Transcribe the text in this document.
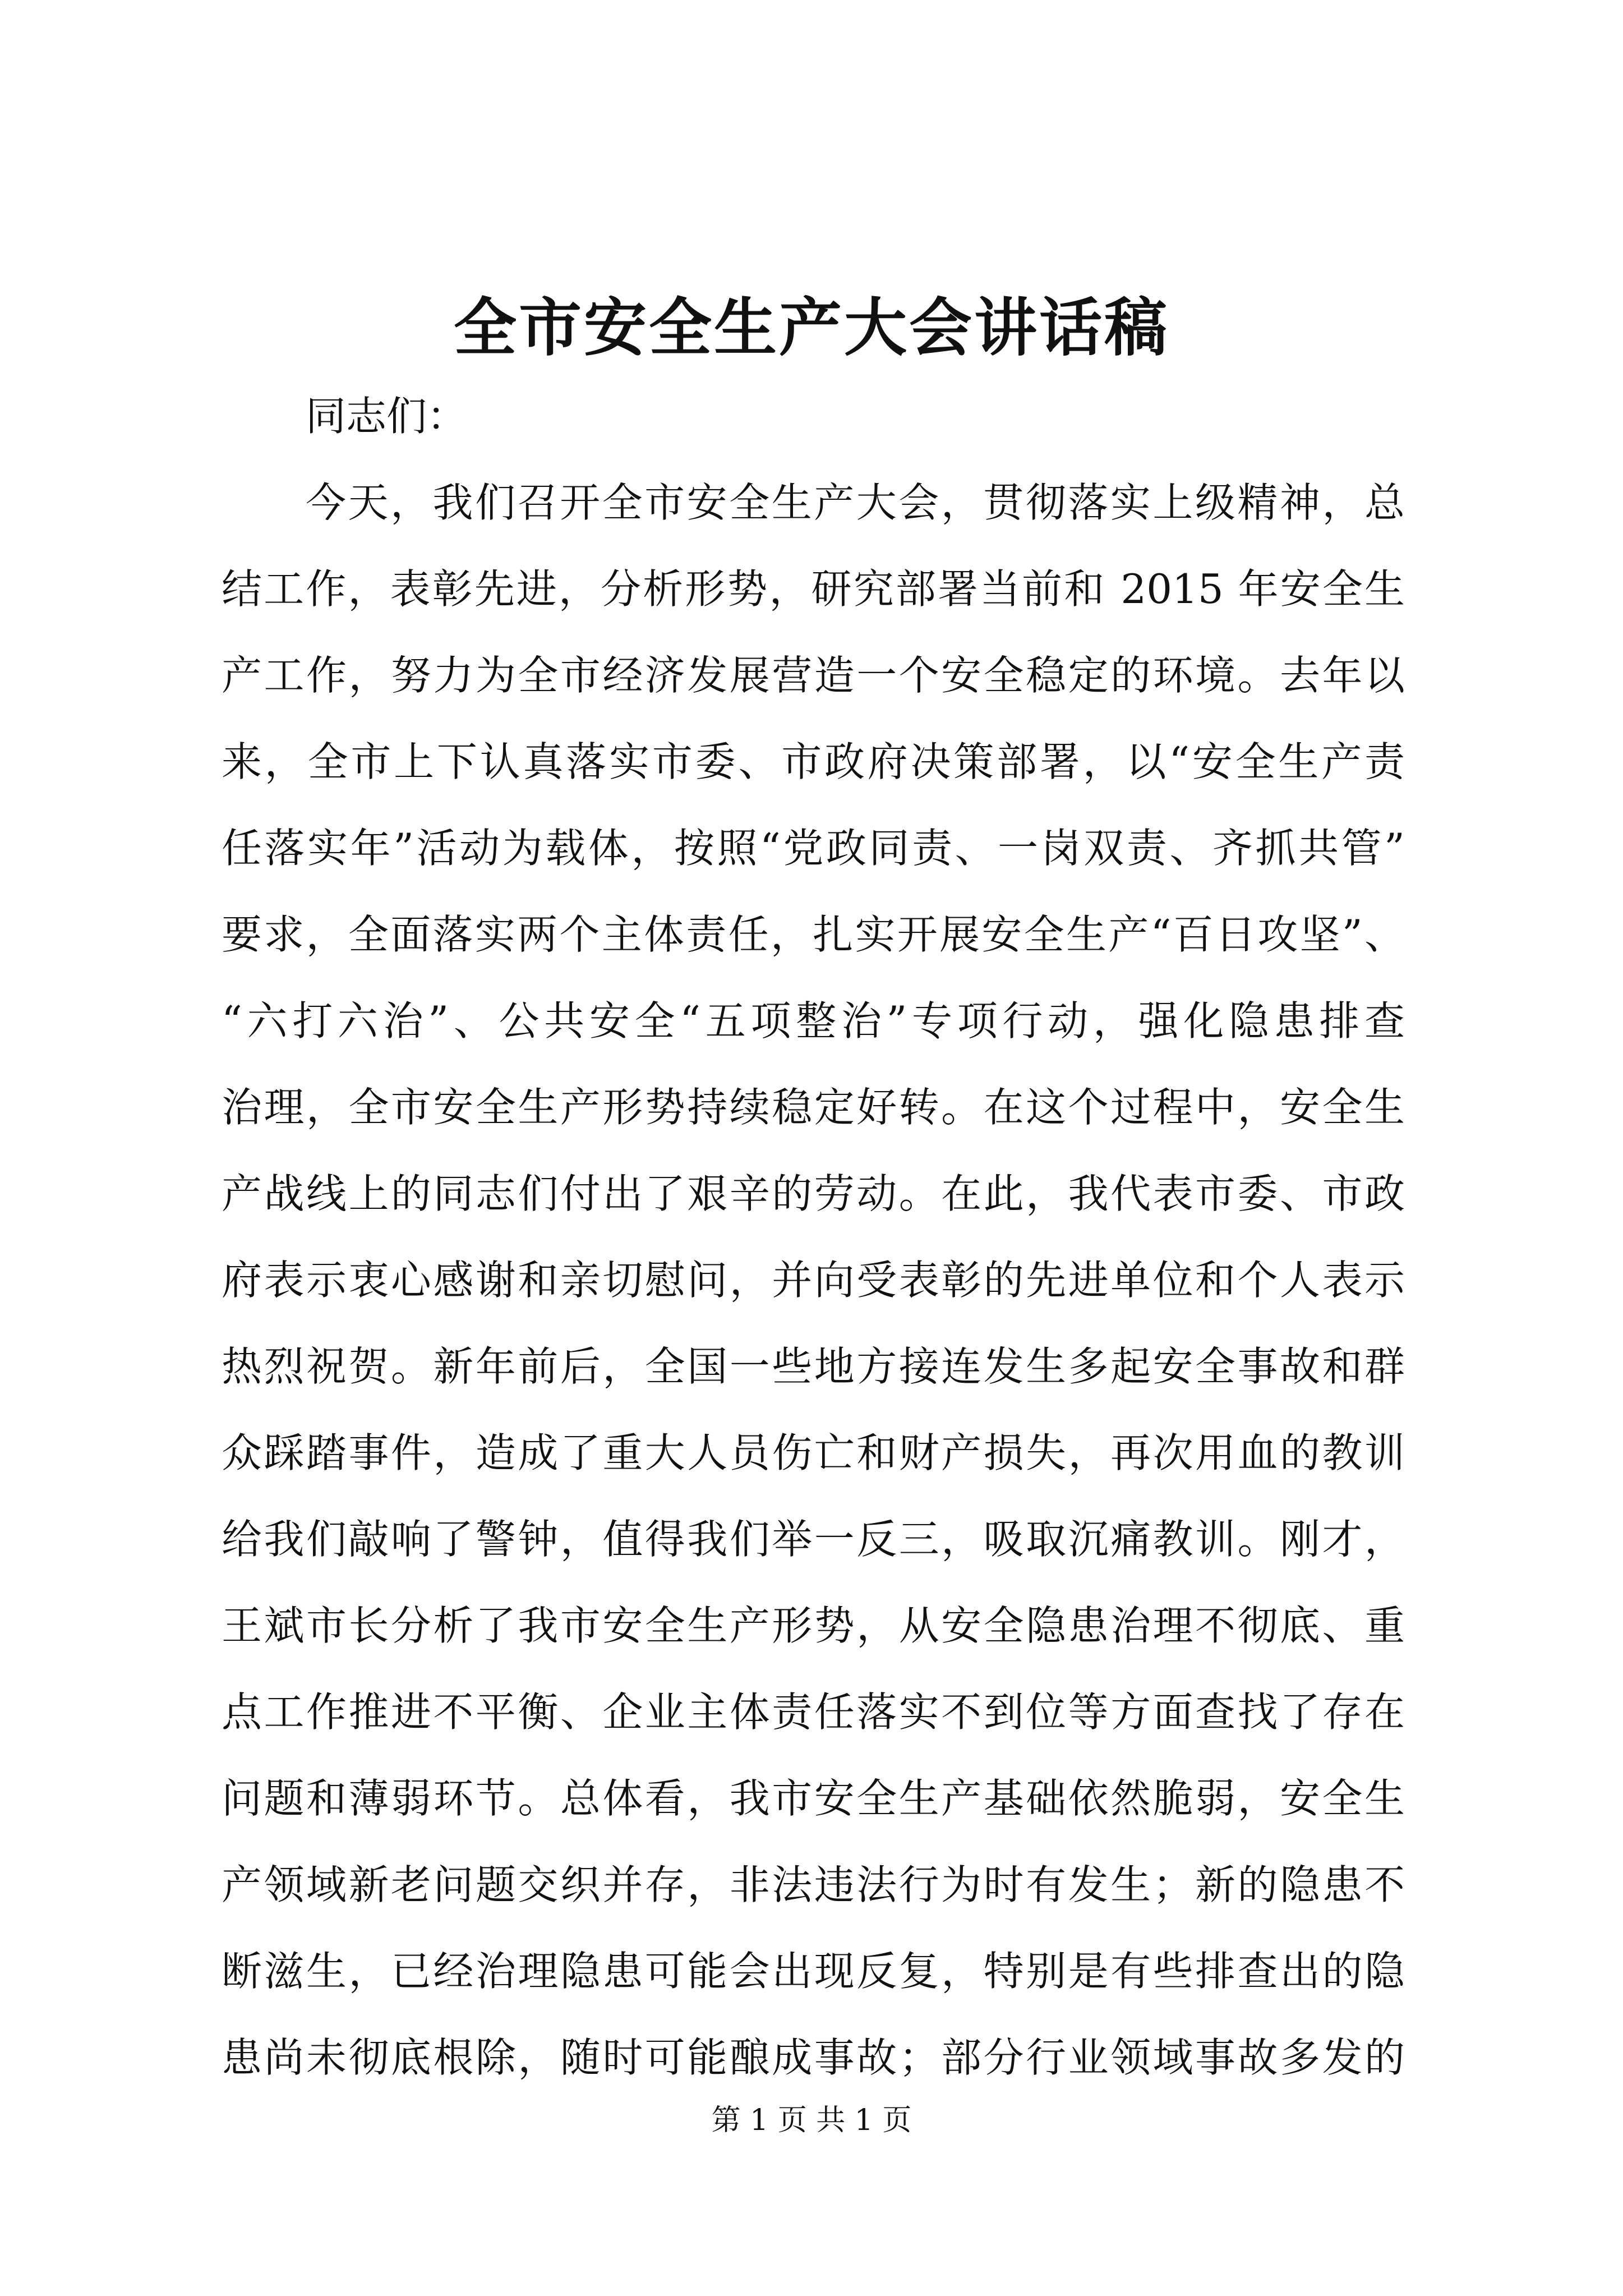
全市安全生产大会讲话稿
同志们：
今天，我们召开全市安全生产大会，贯彻落实上级精神，总
结工作，表彰先进，分析形势，研究部署当前和 2015 年安全生
产工作，努力为全市经济发展营造一个安全稳定的环境。去年以
来，全市上下认真落实市委、市政府决策部署，以“安全生产责
任落实年”活动为载体，按照“党政同责、一岗双责、齐抓共管”
要求，全面落实两个主体责任，扎实开展安全生产“百日攻坚”、
“六打六治”、公共安全“五项整治”专项行动，强化隐患排查
治理，全市安全生产形势持续稳定好转。在这个过程中，安全生
产战线上的同志们付出了艰辛的劳动。在此，我代表市委、市政
府表示衷心感谢和亲切慰问，并向受表彰的先进单位和个人表示
热烈祝贺。新年前后，全国一些地方接连发生多起安全事故和群
众踩踏事件，造成了重大人员伤亡和财产损失，再次用血的教训
给我们敲响了警钟，值得我们举一反三，吸取沉痛教训。刚才，
王斌市长分析了我市安全生产形势，从安全隐患治理不彻底、重
点工作推进不平衡、企业主体责任落实不到位等方面查找了存在
问题和薄弱环节。总体看，我市安全生产基础依然脆弱，安全生
产领域新老问题交织并存，非法违法行为时有发生；新的隐患不
断滋生，已经治理隐患可能会出现反复，特别是有些排查出的隐
患尚未彻底根除，随时可能酿成事故；部分行业领域事故多发的
第 1 页 共 1 页
